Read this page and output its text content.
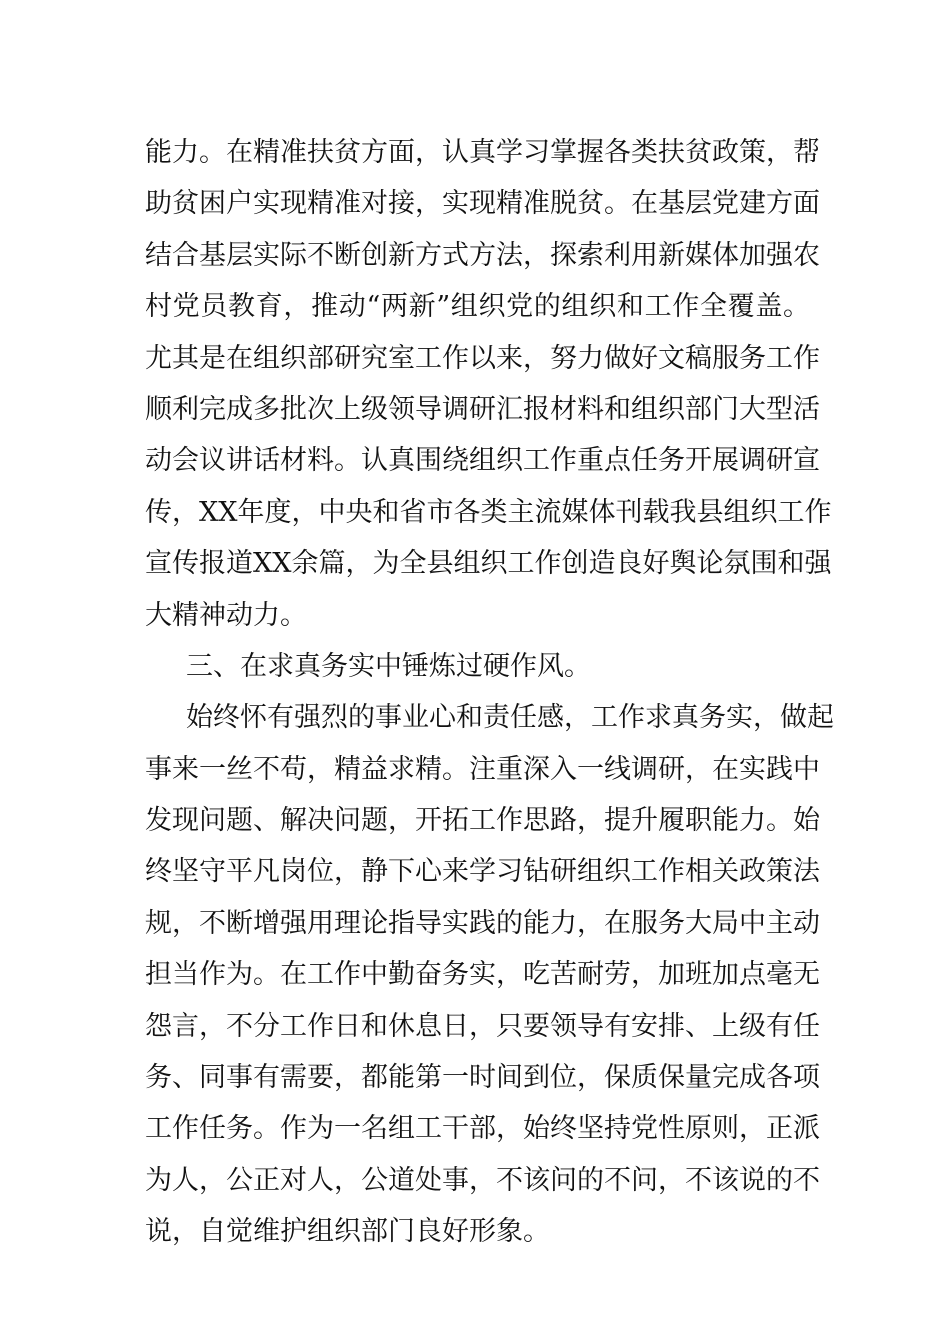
能力。在精准扶贫方面，认真学习掌握各类扶贫政策，帮
助贫困户实现精准对接，实现精准脱贫。在基层党建方面
结合基层实际不断创新方式方法，探索利用新媒体加强农
村党员教育，推动“两新”组织党的组织和工作全覆盖。
尤其是在组织部研究室工作以来，努力做好文稿服务工作
顺利完成多批次上级领导调研汇报材料和组织部门大型活
动会议讲话材料。认真围绕组织工作重点任务开展调研宣
传，XX年度，中央和省市各类主流媒体刊载我县组织工作
宣传报道XX余篇，为全县组织工作创造良好舆论氛围和强
大精神动力。
三、在求真务实中锤炼过硬作风。
始终怀有强烈的事业心和责任感，工作求真务实，做起
事来一丝不苟，精益求精。注重深入一线调研，在实践中
发现问题、解决问题，开拓工作思路，提升履职能力。始
终坚守平凡岗位，静下心来学习钻研组织工作相关政策法
规，不断增强用理论指导实践的能力，在服务大局中主动
担当作为。在工作中勤奋务实，吃苦耐劳，加班加点毫无
怨言，不分工作日和休息日，只要领导有安排、上级有任
务、同事有需要，都能第一时间到位，保质保量完成各项
工作任务。作为一名组工干部，始终坚持党性原则，正派
为人，公正对人，公道处事，不该问的不问，不该说的不
说，自觉维护组织部门良好形象。
